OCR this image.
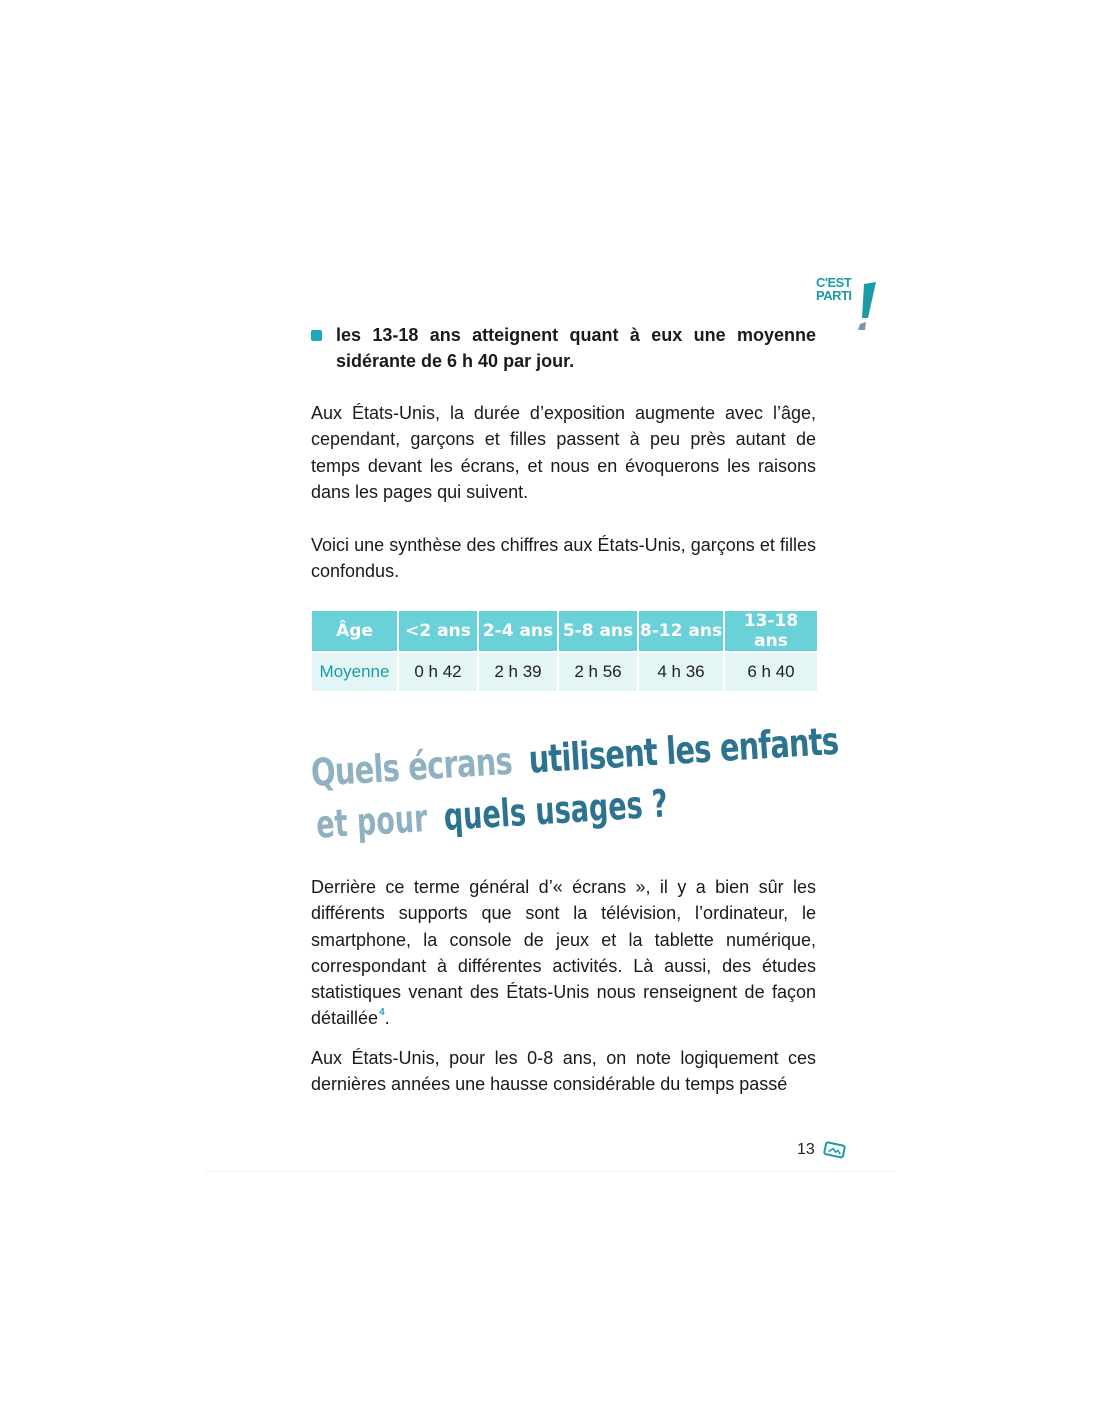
C'EST
PARTI
les 13-18 ans atteignent quant à eux une moyenne sidérante de 6 h 40 par jour.

Aux États-Unis, la durée d’exposition augmente avec l’âge, cependant, garçons et filles passent à peu près autant de temps devant les écrans, et nous en évoquerons les raisons dans les pages qui suivent.

Voici une synthèse des chiffres aux États-Unis, garçons et filles confondus.

Âge	<2 ans	2-4 ans	5-8 ans	8-12 ans	13-18 ans
Moyenne	0 h 42	2 h 39	2 h 56	4 h 36	6 h 40
Quels écrans utilisent les enfants
et pour quels usages ?

Derrière ce terme général d’« écrans », il y a bien sûr les différents supports que sont la télévision, l’ordinateur, le smartphone, la console de jeux et la tablette numérique, correspondant à différentes activités. Là aussi, des études statistiques venant des États-Unis nous renseignent de façon détaillée$^4$.

Aux États-Unis, pour les 0-8 ans, on note logiquement ces dernières années une hausse considérable du temps passé

13
